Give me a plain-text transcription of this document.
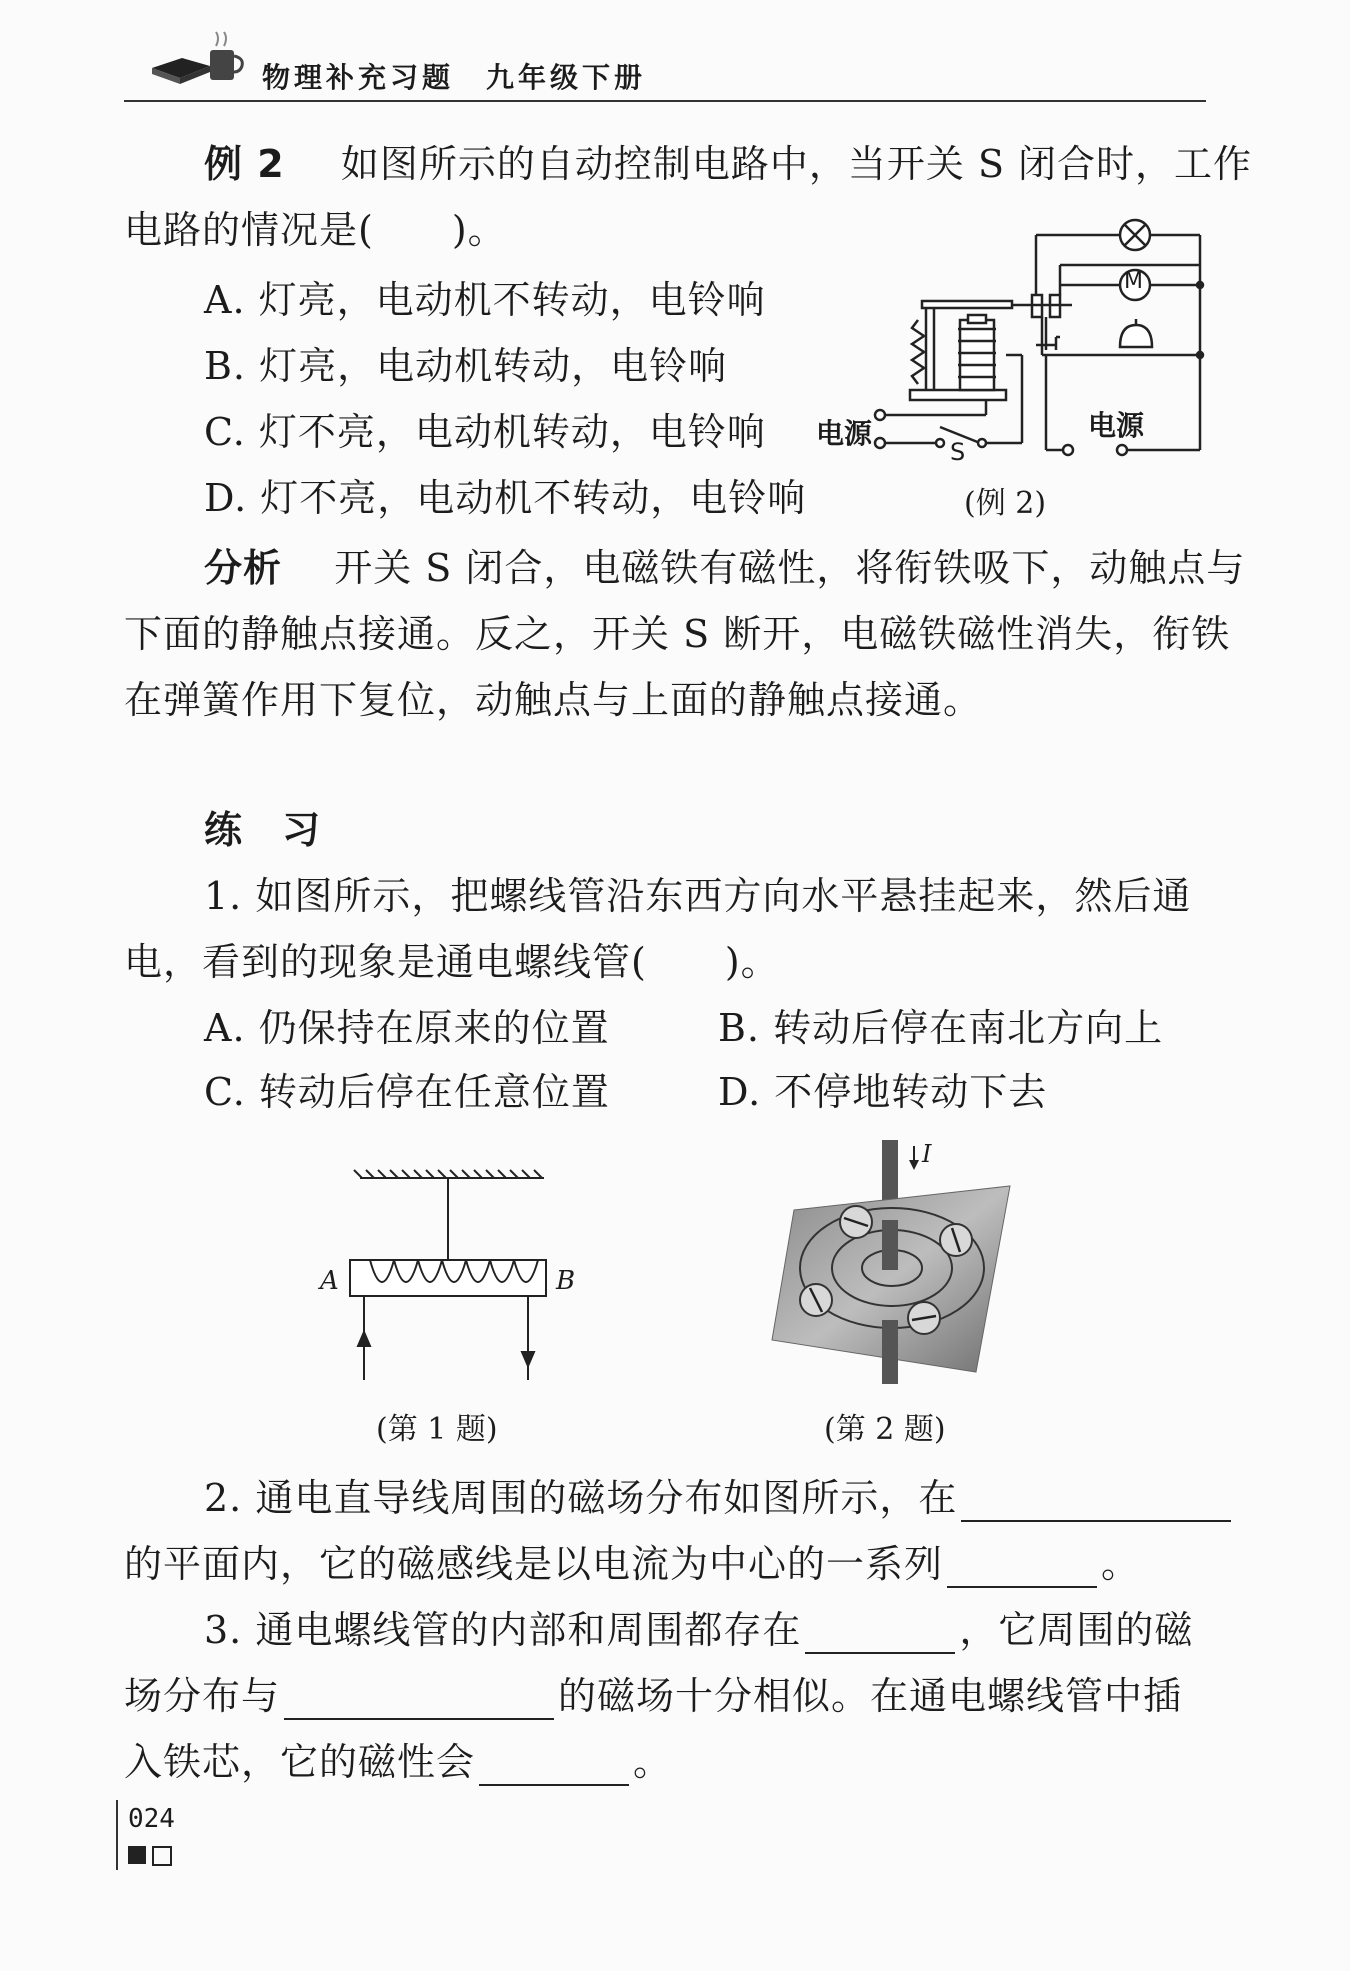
物理补充习题　九年级下册
例 2 如图所示的自动控制电路中，当开关 S 闭合时，工作
电路的情况是(　　)。
A. 灯亮，电动机不转动，电铃响
B. 灯亮，电动机转动，电铃响
C. 灯不亮，电动机转动，电铃响
D. 灯不亮，电动机不转动，电铃响
M
电源	电源
S
(例 2)
分析 开关 S 闭合，电磁铁有磁性，将衔铁吸下，动触点与
下面的静触点接通。反之，开关 S 断开，电磁铁磁性消失，衔铁
在弹簧作用下复位，动触点与上面的静触点接通。
练　习
1. 如图所示，把螺线管沿东西方向水平悬挂起来，然后通
电，看到的现象是通电螺线管(　　)。
A. 仍保持在原来的位置	B. 转动后停在南北方向上
C. 转动后停在任意位置	D. 不停地转动下去
A	B
(第 1 题)
I
(第 2 题)
2. 通电直导线周围的磁场分布如图所示，在
的平面内，它的磁感线是以电流为中心的一系列	。
3. 通电螺线管的内部和周围都存在	，它周围的磁
场分布与	的磁场十分相似。在通电螺线管中插
入铁芯，它的磁性会	。
024
